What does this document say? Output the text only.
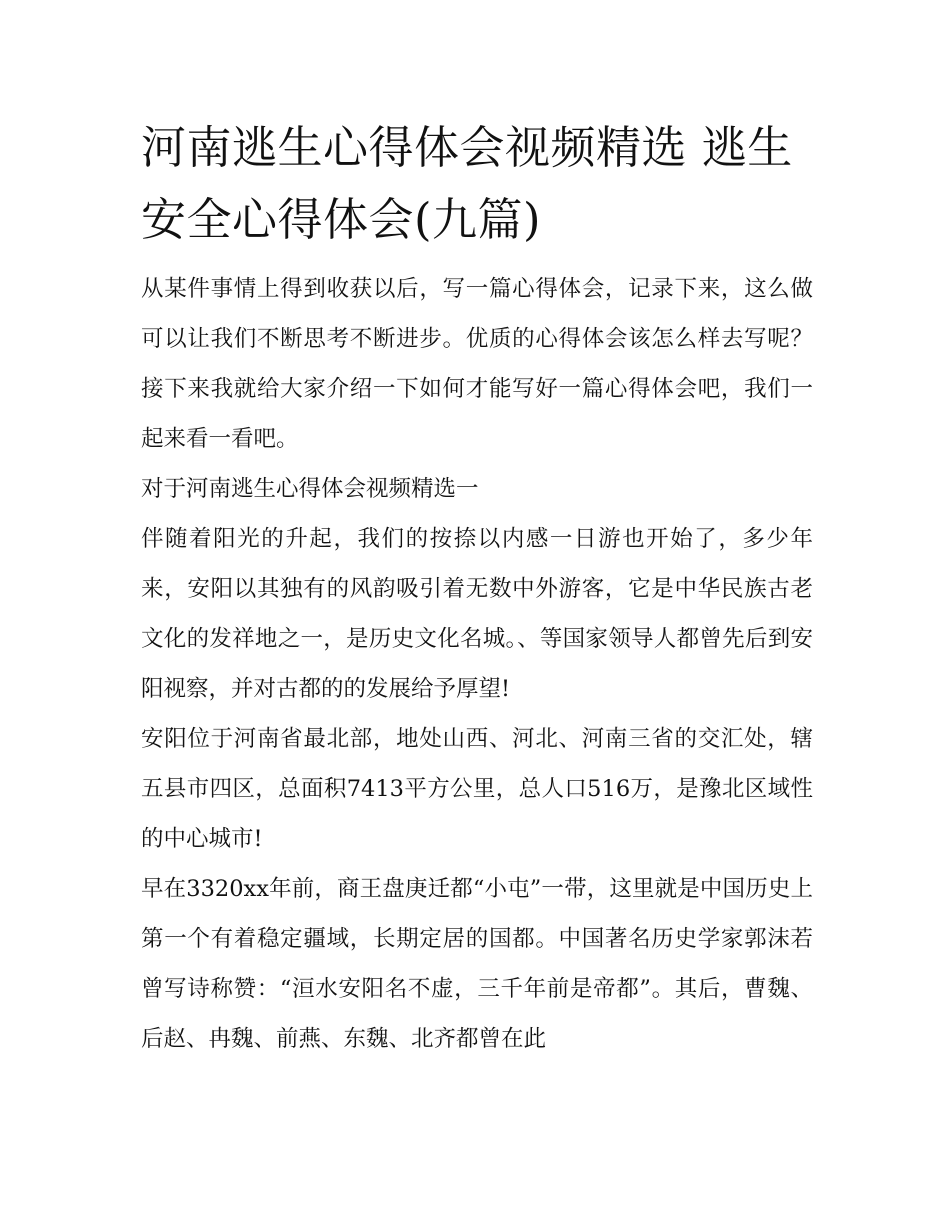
河南逃生心得体会视频精选 逃生安全心得体会(九篇)

从某件事情上得到收获以后，写一篇心得体会，记录下来，这么做可以让我们不断思考不断进步。优质的心得体会该怎么样去写呢？接下来我就给大家介绍一下如何才能写好一篇心得体会吧，我们一起来看一看吧。

对于河南逃生心得体会视频精选一

伴随着阳光的升起，我们的按捺以内感一日游也开始了，多少年来，安阳以其独有的风韵吸引着无数中外游客，它是中华民族古老文化的发祥地之一，是历史文化名城。、等国家领导人都曾先后到安阳视察，并对古都的的发展给予厚望!

安阳位于河南省最北部，地处山西、河北、河南三省的交汇处，辖五县市四区，总面积7413平方公里，总人口516万，是豫北区域性的中心城市!

早在3320xx年前，商王盘庚迁都“小屯”一带，这里就是中国历史上第一个有着稳定疆域，长期定居的国都。中国著名历史学家郭沫若曾写诗称赞：“洹水安阳名不虚，三千年前是帝都”。其后，曹魏、后赵、冉魏、前燕、东魏、北齐都曾在此
